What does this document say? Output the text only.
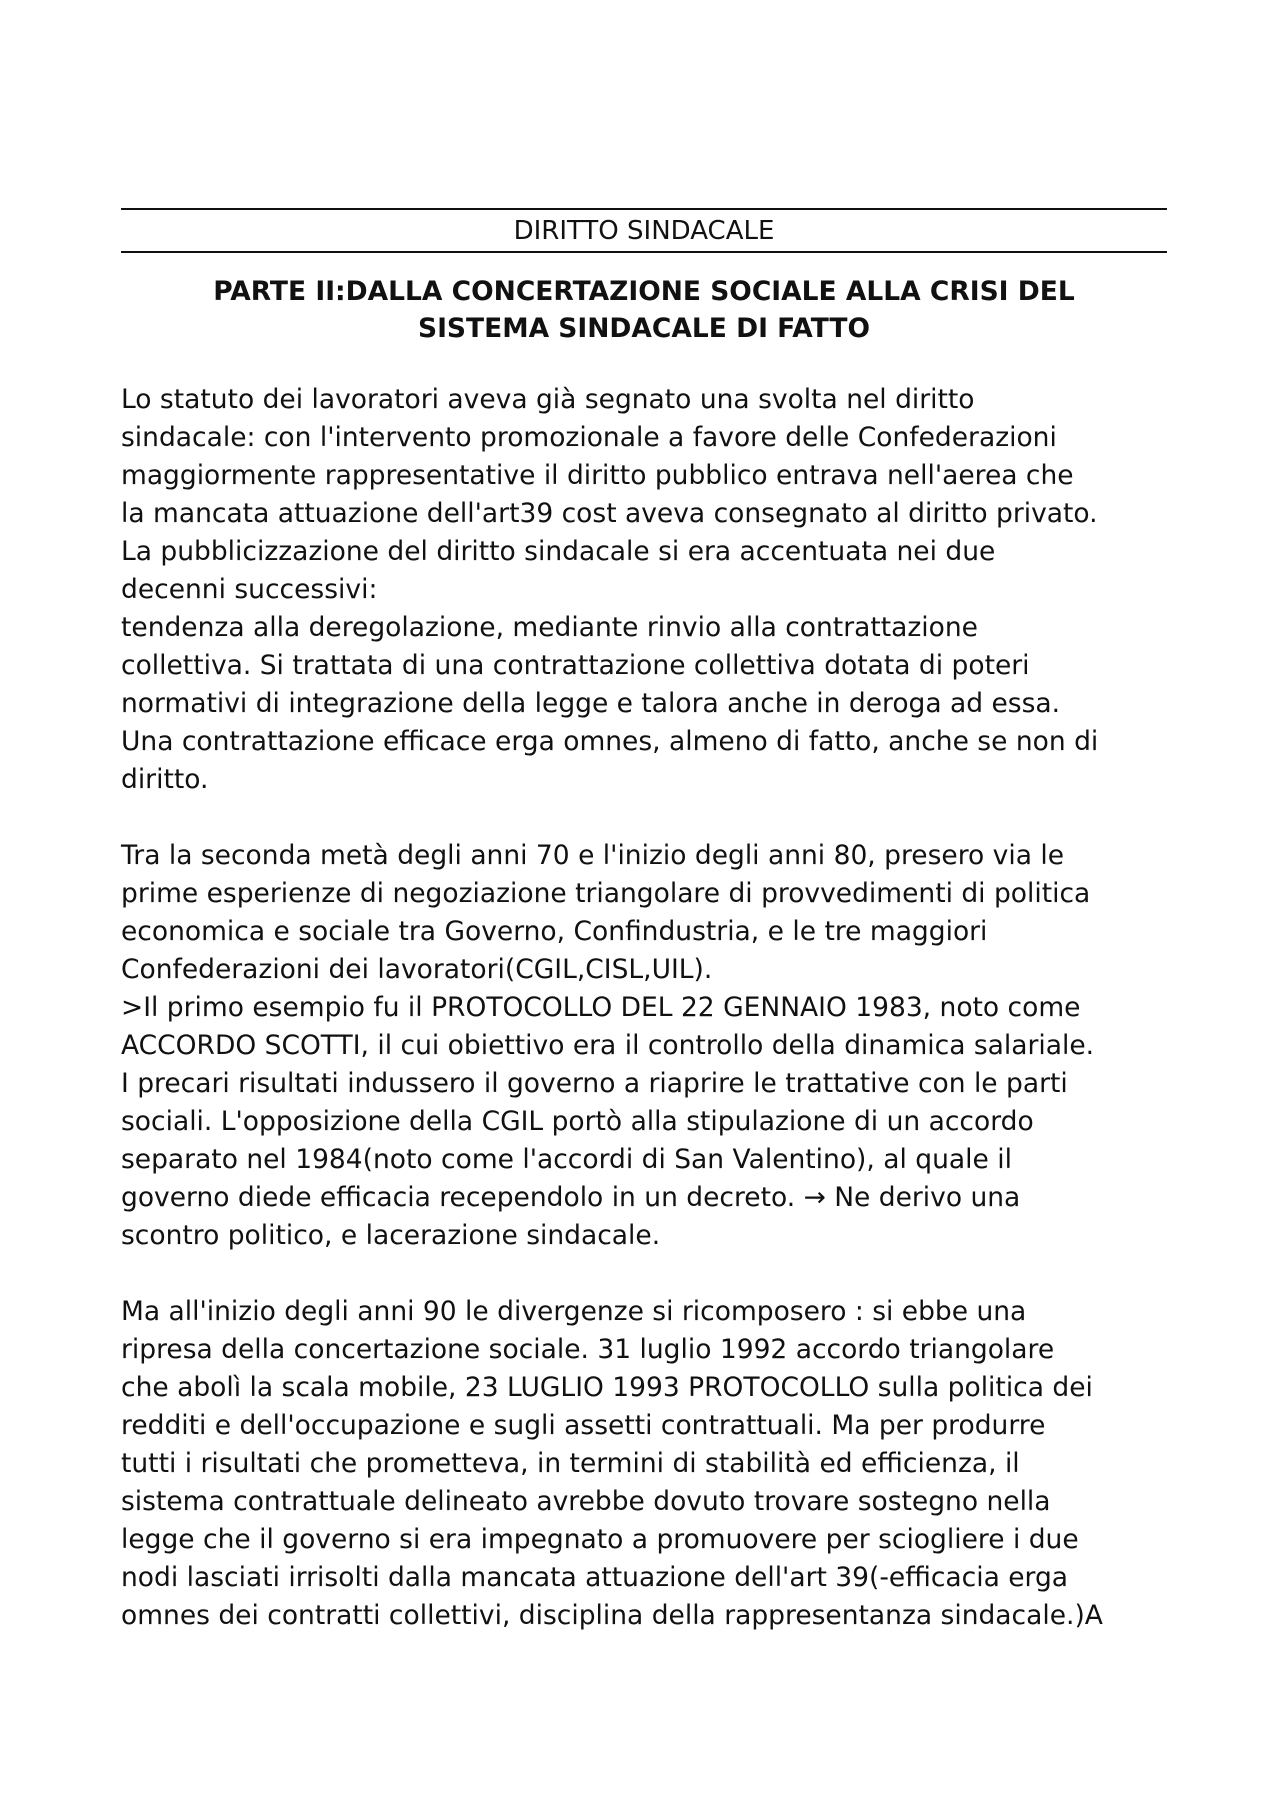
DIRITTO SINDACALE
PARTE II:DALLA CONCERTAZIONE SOCIALE ALLA CRISI DEL
SISTEMA SINDACALE DI FATTO
Lo statuto dei lavoratori aveva già segnato una svolta nel diritto
sindacale: con l'intervento promozionale a favore delle Confederazioni
maggiormente rappresentative il diritto pubblico entrava nell'aerea che
la mancata attuazione dell'art39 cost aveva consegnato al diritto privato.
La pubblicizzazione del diritto sindacale si era accentuata nei due
decenni successivi:
tendenza alla deregolazione, mediante rinvio alla contrattazione
collettiva. Si trattata di una contrattazione collettiva dotata di poteri
normativi di integrazione della legge e talora anche in deroga ad essa.
Una contrattazione efficace erga omnes, almeno di fatto, anche se non di
diritto.
Tra la seconda metà degli anni 70 e l'inizio degli anni 80, presero via le
prime esperienze di negoziazione triangolare di provvedimenti di politica
economica e sociale tra Governo, Confindustria, e le tre maggiori
Confederazioni dei lavoratori(CGIL,CISL,UIL).
>Il primo esempio fu il PROTOCOLLO DEL 22 GENNAIO 1983, noto come
ACCORDO SCOTTI, il cui obiettivo era il controllo della dinamica salariale.
I precari risultati indussero il governo a riaprire le trattative con le parti
sociali. L'opposizione della CGIL portò alla stipulazione di un accordo
separato nel 1984(noto come l'accordi di San Valentino), al quale il
governo diede efficacia recependolo in un decreto. → Ne derivo una
scontro politico, e lacerazione sindacale.
Ma all'inizio degli anni 90 le divergenze si ricomposero : si ebbe una
ripresa della concertazione sociale. 31 luglio 1992 accordo triangolare
che abolì la scala mobile, 23 LUGLIO 1993 PROTOCOLLO sulla politica dei
redditi e dell'occupazione e sugli assetti contrattuali. Ma per produrre
tutti i risultati che prometteva, in termini di stabilità ed efficienza, il
sistema contrattuale delineato avrebbe dovuto trovare sostegno nella
legge che il governo si era impegnato a promuovere per sciogliere i due
nodi lasciati irrisolti dalla mancata attuazione dell'art 39(-efficacia erga
omnes dei contratti collettivi, disciplina della rappresentanza sindacale.)A
